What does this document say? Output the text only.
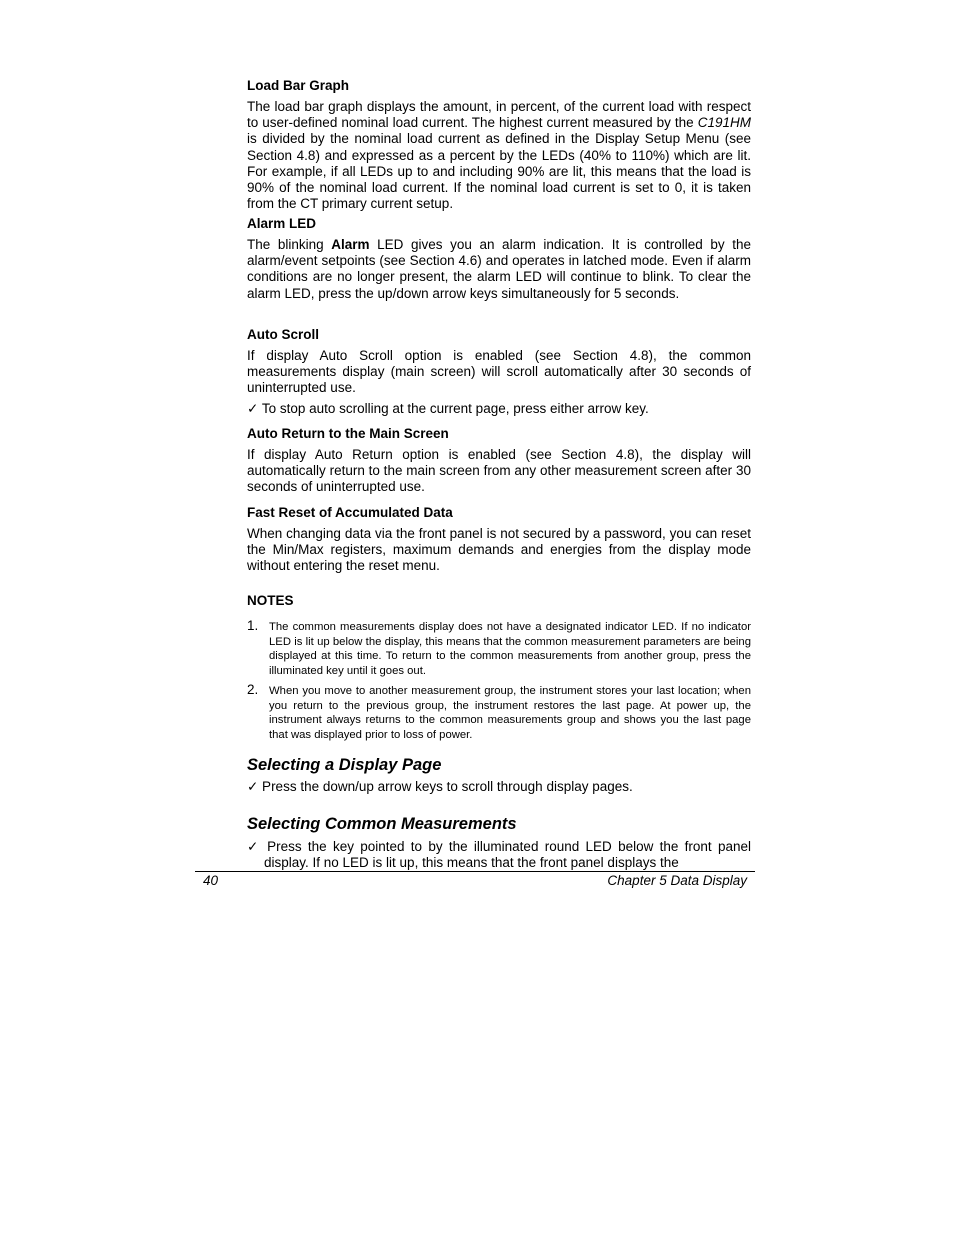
Load Bar Graph
The load bar graph displays the amount, in percent, of the current load with respect to user-defined nominal load current. The highest current measured by the C191HM is divided by the nominal load current as defined in the Display Setup Menu (see Section 4.8) and expressed as a percent by the LEDs (40% to 110%) which are lit. For example, if all LEDs up to and including 90% are lit, this means that the load is 90% of the nominal load current. If the nominal load current is set to 0, it is taken from the CT primary current setup.
Alarm LED
The blinking Alarm LED gives you an alarm indication. It is controlled by the alarm/event setpoints (see Section 4.6) and operates in latched mode. Even if alarm conditions are no longer present, the alarm LED will continue to blink. To clear the alarm LED, press the up/down arrow keys simultaneously for 5 seconds.
Auto Scroll
If display Auto Scroll option is enabled (see Section 4.8), the common measurements display (main screen) will scroll automatically after 30 seconds of uninterrupted use.
✓ To stop auto scrolling at the current page, press either arrow key.
Auto Return to the Main Screen
If display Auto Return option is enabled (see Section 4.8), the display will automatically return to the main screen from any other measurement screen after 30 seconds of uninterrupted use.
Fast Reset of Accumulated Data
When changing data via the front panel is not secured by a password, you can reset the Min/Max registers, maximum demands and energies from the display mode without entering the reset menu.
NOTES
1. The common measurements display does not have a designated indicator LED. If no indicator LED is lit up below the display, this means that the common measurement parameters are being displayed at this time. To return to the common measurements from another group, press the illuminated key until it goes out.
2. When you move to another measurement group, the instrument stores your last location; when you return to the previous group, the instrument restores the last page. At power up, the instrument always returns to the common measurements group and shows you the last page that was displayed prior to loss of power.
Selecting a Display Page
✓ Press the down/up arrow keys to scroll through display pages.
Selecting Common Measurements
✓ Press the key pointed to by the illuminated round LED below the front panel display. If no LED is lit up, this means that the front panel displays the
40	Chapter 5 Data Display
